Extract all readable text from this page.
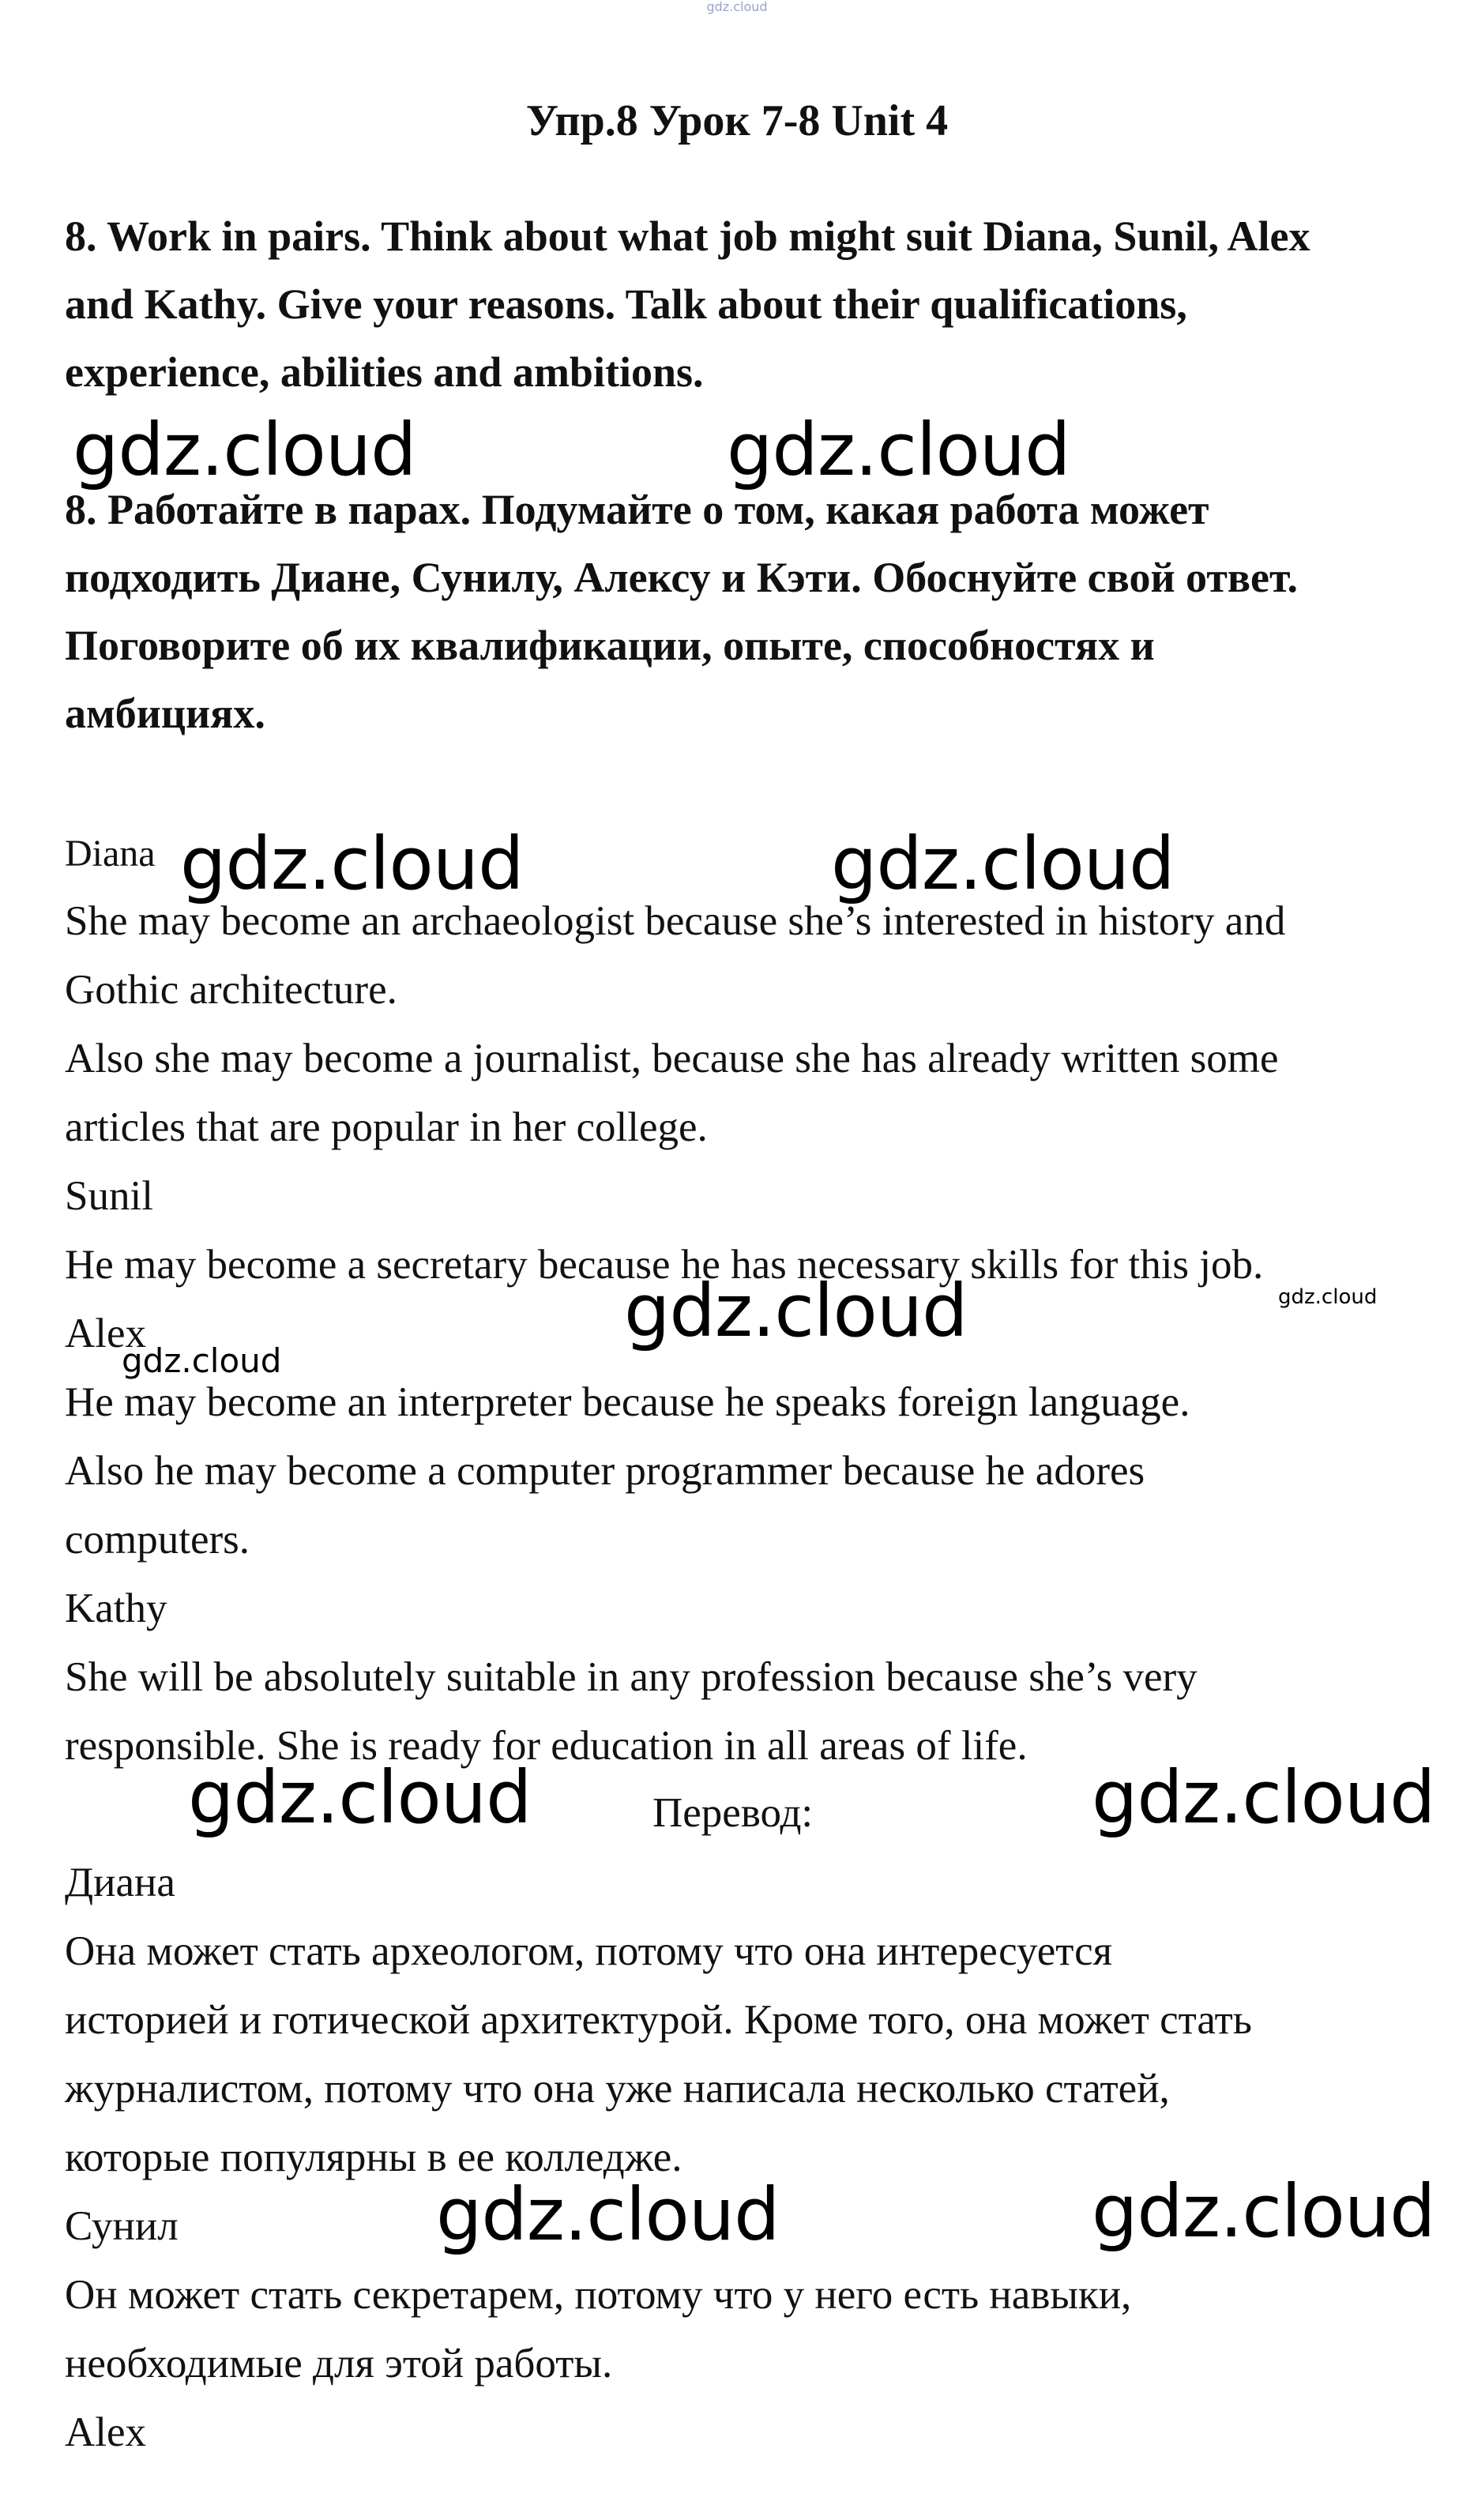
gdz.cloud
Упр.8 Урок 7-8 Unit 4
8. Work in pairs. Think about what job might suit Diana, Sunil, Alex
and Kathy. Give your reasons. Talk about their qualifications,
experience, abilities and ambitions.
gdz.cloud	gdz.cloud
8. Работайте в парах. Подумайте о том, какая работа может
подходить Диане, Сунилу, Алексу и Кэти. Обоснуйте свой ответ.
Поговорите об их квалификации, опыте, способностях и
амбициях.
Diana gdz.cloud	gdz.cloud
She may become an archaeologist because she’s interested in history and
Gothic architecture.
Also she may become a journalist, because she has already written some
articles that are popular in her college.
Sunil
He may become a secretary because he has necessary skills for this job.
gdz.cloud
gdz.cloud
Alex
gdz.cloud
He may become an interpreter because he speaks foreign language.
Also he may become a computer programmer because he adores
computers.
Kathy
She will be absolutely suitable in any profession because she’s very
responsible. She is ready for education in all areas of life.
gdz.cloud	Перевод:	gdz.cloud
Диана
Она может стать археологом, потому что она интересуется
историей и готической архитектурой. Кроме того, она может стать
журналистом, потому что она уже написала несколько статей,
которые популярны в ее колледже.
gdz.cloud	gdz.cloud
Сунил
Он может стать секретарем, потому что у него есть навыки,
необходимые для этой работы.
Alex
